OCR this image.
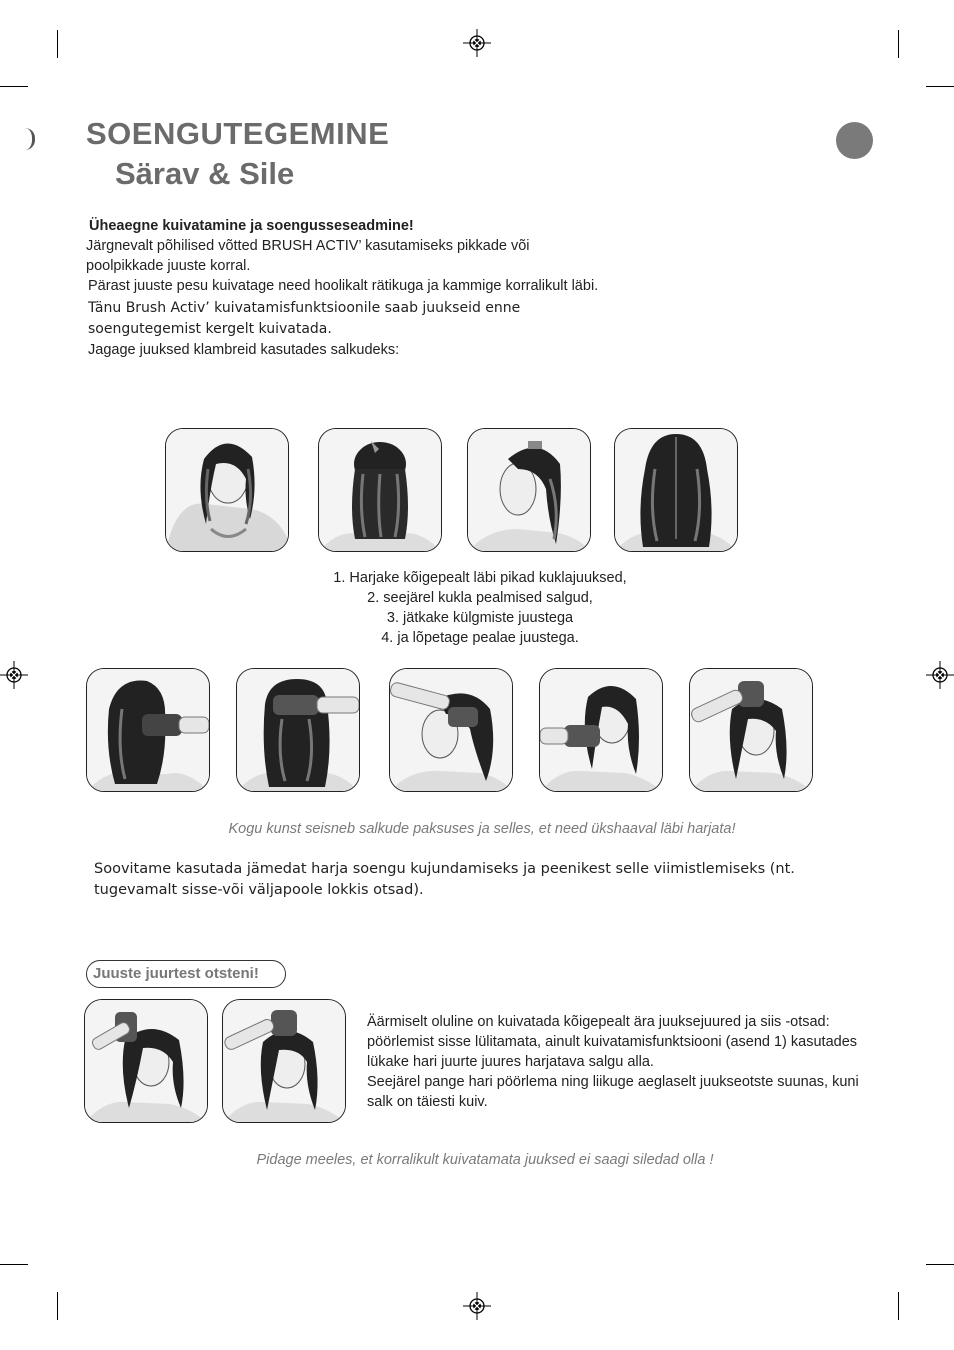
SOENGUTEGEMINE
Särav & Sile

Üheaegne kuivatamine ja soengusseseadmine!

Järgnevalt põhilised võtted BRUSH ACTIV’ kasutamiseks pikkade või poolpikkade juuste korral.

Pärast juuste pesu kuivatage need hoolikalt rätikuga ja kammige korralikult läbi.

Tänu Brush Activ’ kuivatamisfunktsioonile saab juukseid enne soengutegemist kergelt kuivatada.

Jagage juuksed klambreid kasutades salkudeks:

1. Harjake kõigepealt läbi pikad kuklajuuksed,
2. seejärel kukla pealmised salgud,
3. jätkake külgmiste juustega
4. ja lõpetage pealae juustega.
Kogu kunst seisneb salkude paksuses ja selles, et need ükshaaval läbi harjata!
Soovitame kasutada jämedat harja soengu kujundamiseks ja peenikest selle viimistlemiseks (nt. tugevamalt sisse-või väljapoole lokkis otsad).
Juuste juurtest otsteni!

Äärmiselt oluline on kuivatada kõigepealt ära juuksejuured ja siis -otsad:

pöörlemist sisse lülitamata, ainult kuivatamisfunktsiooni (asend 1) kasutades lükake hari juurte juures harjatava salgu alla.

Seejärel pange hari pöörlema ning liikuge aeglaselt juukseotste suunas, kuni salk on täiesti kuiv.

Pidage meeles, et korralikult kuivatamata juuksed ei saagi siledad olla !
